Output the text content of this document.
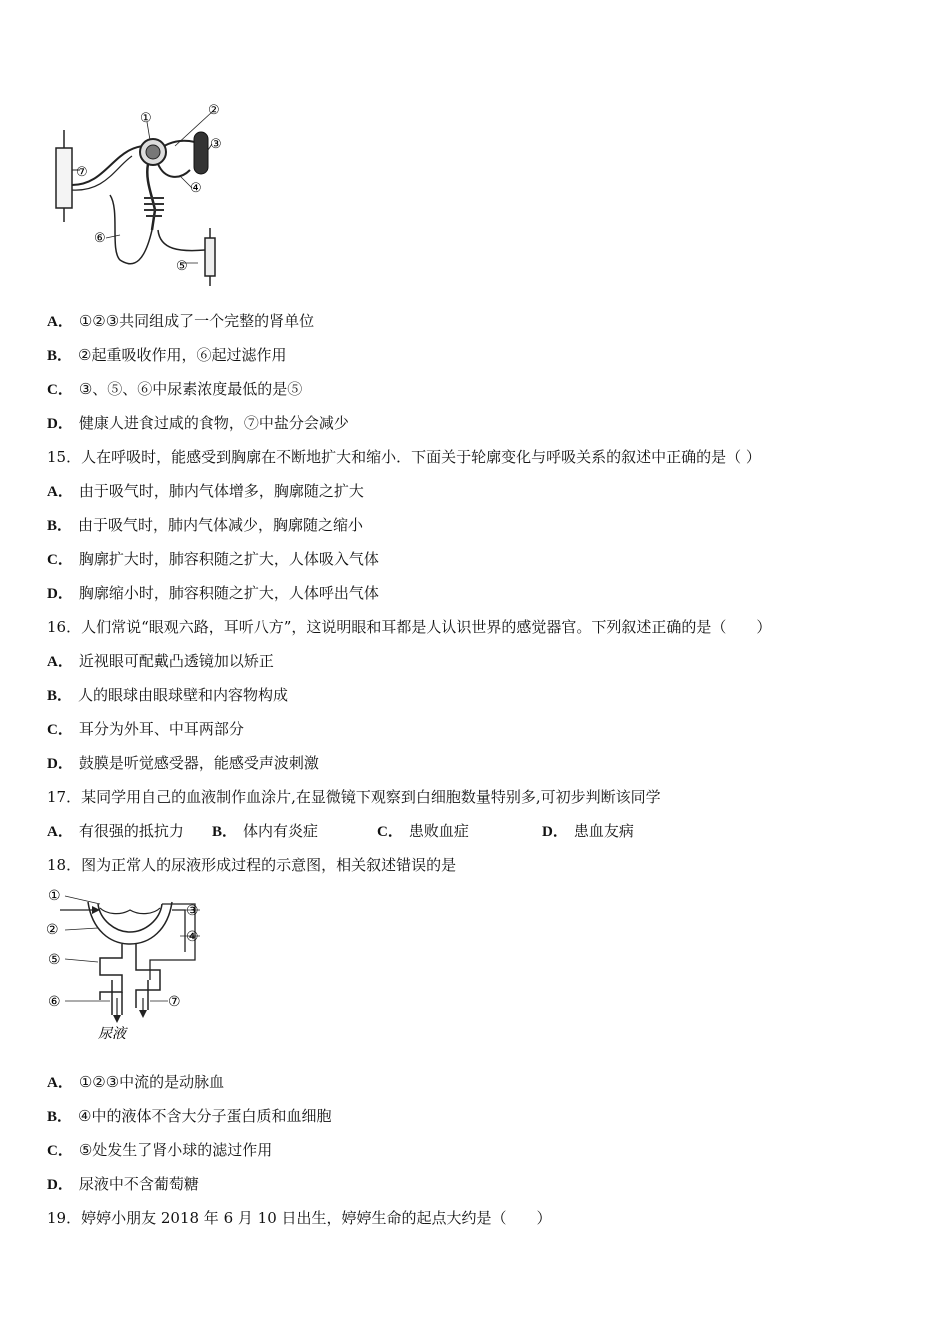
①
②
③
④
⑤
⑥
⑦
A． ①②③共同组成了一个完整的肾单位
B． ②起重吸收作用，⑥起过滤作用
C． ③、⑤、⑥中尿素浓度最低的是⑤
D． 健康人进食过咸的食物，⑦中盐分会减少
15．人在呼吸时，能感受到胸廓在不断地扩大和缩小．下面关于轮廓变化与呼吸关系的叙述中正确的是（ ）
A． 由于吸气时，肺内气体增多，胸廓随之扩大
B． 由于吸气时，肺内气体减少，胸廓随之缩小
C． 胸廓扩大时，肺容积随之扩大，人体吸入气体
D． 胸廓缩小时，肺容积随之扩大，人体呼出气体
16．人们常说“眼观六路，耳听八方”，这说明眼和耳都是人认识世界的感觉器官。下列叙述正确的是（　　）
A． 近视眼可配戴凸透镜加以矫正
B． 人的眼球由眼球壁和内容物构成
C． 耳分为外耳、中耳两部分
D． 鼓膜是听觉感受器，能感受声波刺激
17．某同学用自己的血液制作血涂片,在显微镜下观察到白细胞数量特别多,可初步判断该同学
A． 有很强的抵抗力 B． 体内有炎症	C． 患败血症	D． 患血友病
18．图为正常人的尿液形成过程的示意图，相关叙述错误的是
①
②
③
④
⑤
⑥	⑦
尿液
A． ①②③中流的是动脉血
B． ④中的液体不含大分子蛋白质和血细胞
C． ⑤处发生了肾小球的滤过作用
D． 尿液中不含葡萄糖
19．婷婷小朋友 2018 年 6 月 10 日出生，婷婷生命的起点大约是（　　）
